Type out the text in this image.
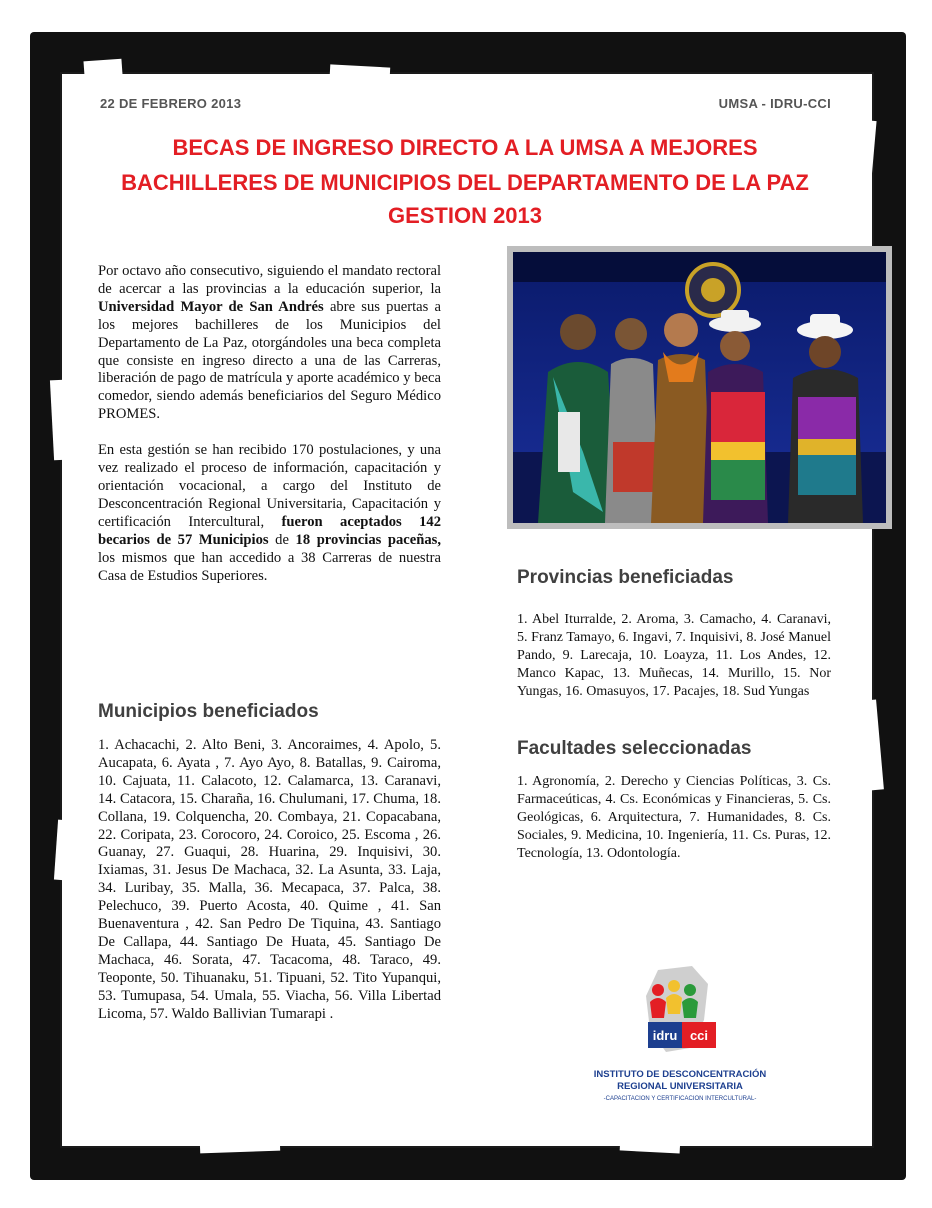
22 DE FEBRERO 2013	UMSA - IDRU-CCI
BECAS DE INGRESO DIRECTO A LA UMSA A MEJORES
BACHILLERES DE MUNICIPIOS DEL DEPARTAMENTO DE LA PAZ
GESTION 2013

Por octavo año consecutivo, siguiendo el mandato rectoral de acercar a las provincias a la educación superior, la Universidad Mayor de San Andrés abre sus puertas a los mejores bachilleres de los Municipios del Departamento de La Paz, otorgándoles una beca completa que consiste en ingreso directo a una de las Carreras, liberación de pago de matrícula y aporte académico y beca comedor, siendo además beneficiarios del Seguro Médico PROMES.

En esta gestión se han recibido 170 postulaciones, y una vez realizado el proceso de información, capacitación y orientación vocacional, a cargo del Instituto de Desconcentración Regional Universitaria, Capacitación y certificación Intercultural, fueron aceptados 142 becarios de 57 Municipios de 18 provincias paceñas, los mismos que han accedido a 38 Carreras de nuestra Casa de Estudios Superiores.

Municipios beneficiados
1. Achacachi, 2. Alto Beni, 3. Ancoraimes, 4. Apolo, 5. Aucapata, 6. Ayata , 7. Ayo Ayo, 8. Batallas, 9. Cairoma, 10. Cajuata, 11. Calacoto, 12. Calamarca, 13. Caranavi, 14. Catacora, 15. Charaña, 16. Chulumani, 17. Chuma, 18. Collana, 19. Colquencha, 20. Combaya, 21. Copacabana, 22. Coripata, 23. Corocoro, 24. Coroico, 25. Escoma , 26. Guanay, 27. Guaqui, 28. Huarina, 29. Inquisivi, 30. Ixiamas, 31. Jesus De Machaca, 32. La Asunta, 33. Laja, 34. Luribay, 35. Malla, 36. Mecapaca, 37. Palca, 38. Pelechuco, 39. Puerto Acosta, 40. Quime , 41. San Buenaventura , 42. San Pedro De Tiquina, 43. Santiago De Callapa, 44. Santiago De Huata, 45. Santiago De Machaca, 46. Sorata, 47. Tacacoma, 48. Taraco, 49. Teoponte, 50. Tihuanaku, 51. Tipuani, 52. Tito Yupanqui, 53. Tumupasa, 54. Umala, 55. Viacha, 56. Villa Libertad Licoma, 57. Waldo Ballivian Tumarapi .
Provincias beneficiadas
1. Abel Iturralde, 2. Aroma, 3. Camacho, 4. Caranavi, 5. Franz Tamayo, 6. Ingavi, 7. Inquisivi, 8. José Manuel Pando, 9. Larecaja, 10. Loayza, 11. Los Andes, 12. Manco Kapac, 13. Muñecas, 14. Murillo, 15. Nor Yungas, 16. Omasuyos, 17. Pacajes, 18. Sud Yungas
Facultades seleccionadas
1. Agronomía, 2. Derecho y Ciencias Políticas, 3. Cs. Farmaceúticas, 4. Cs. Económicas y Financieras, 5. Cs. Geológicas, 6. Arquitectura, 7. Humanidades, 8. Cs. Sociales, 9. Medicina, 10. Ingeniería, 11. Cs. Puras, 12. Tecnología, 13. Odontología.
idru cci
INSTITUTO DE DESCONCENTRACIÓN
REGIONAL UNIVERSITARIA
-CAPACITACION Y CERTIFICACION INTERCULTURAL-
